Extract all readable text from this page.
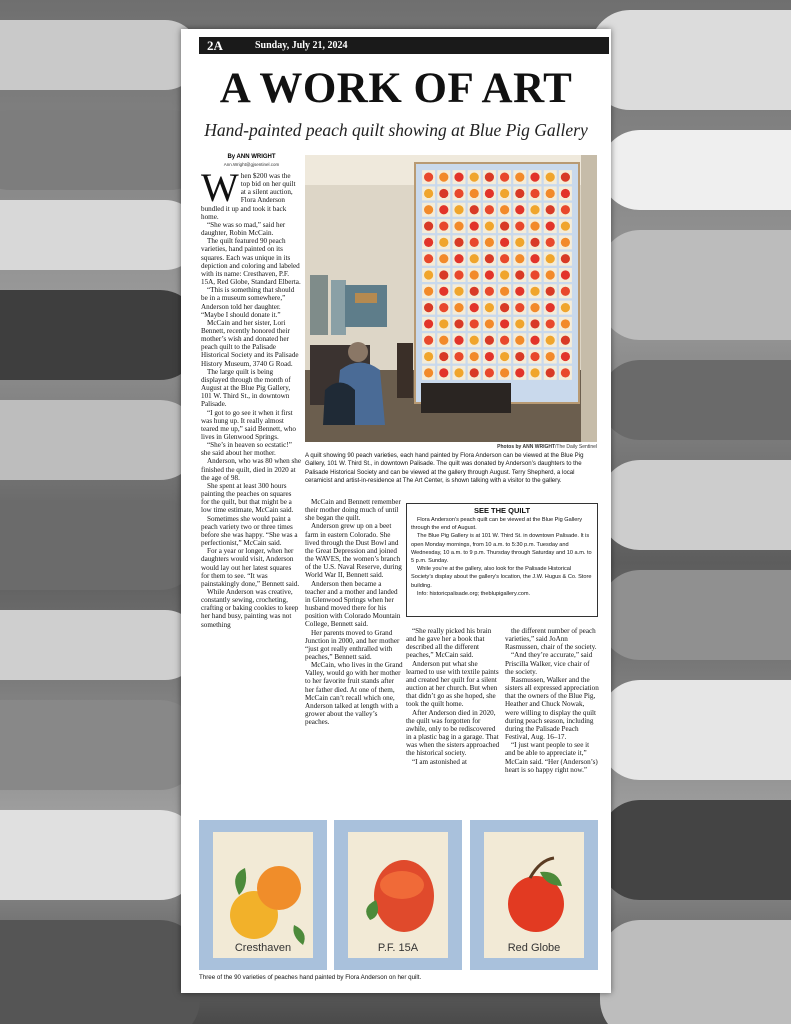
2A	Sunday, July 21, 2024
A WORK OF ART
Hand-painted peach quilt showing at Blue Pig Gallery
By ANN WRIGHT
Ann.Wright@gjsentinel.com

When $200 was the top bid on her quilt at a silent auction, Flora Anderson bundled it up and took it back home.

“She was so mad,” said her daughter, Robin McCain.

The quilt featured 90 peach varieties, hand painted on its squares. Each was unique in its depiction and coloring and labeled with its name: Cresthaven, P.F. 15A, Red Globe, Standard Elberta.

“This is something that should be in a museum somewhere,” Anderson told her daughter. “Maybe I should donate it.”

McCain and her sister, Lori Bennett, recently honored their mother’s wish and donated her peach quilt to the Palisade Historical Society and its Palisade History Museum, 3740 G Road.

The large quilt is being displayed through the month of August at the Blue Pig Gallery, 101 W. Third St., in downtown Palisade.

“I got to go see it when it first was hung up. It really almost teared me up,” said Bennett, who lives in Glenwood Springs.

“She’s in heaven so ecstatic!” she said about her mother.

Anderson, who was 80 when she finished the quilt, died in 2020 at the age of 98.

She spent at least 300 hours painting the peaches on squares for the quilt, but that might be a low time estimate, McCain said.

Sometimes she would paint a peach variety two or three times before she was happy. “She was a perfectionist,” McCain said.

For a year or longer, when her daughters would visit, Anderson would lay out her latest squares for them to see. “It was painstakingly done,” Bennett said.

While Anderson was creative, constantly sewing, crocheting, crafting or baking cookies to keep her hand busy, painting was not something

Photos by ANN WRIGHT/The Daily Sentinel
A quilt showing 90 peach varieties, each hand painted by Flora Anderson can be viewed at the Blue Pig Gallery, 101 W. Third St., in downtown Palisade. The quilt was donated by Anderson’s daughters to the Palisade Historical Society and can be viewed at the gallery through August. Terry Shepherd, a local ceramicist and artist-in-residence at The Art Center, is shown talking with a visitor to the gallery.

McCain and Bennett remember their mother doing much of until she began the quilt.

Anderson grew up on a beet farm in eastern Colorado. She lived through the Dust Bowl and the Great Depression and joined the WAVES, the women’s branch of the U.S. Naval Reserve, during World War II, Bennett said.

Anderson then became a teacher and a mother and landed in Glenwood Springs when her husband moved there for his position with Colorado Mountain College, Bennett said.

Her parents moved to Grand Junction in 2000, and her mother “just got really enthralled with peaches,” Bennett said.

McCain, who lives in the Grand Valley, would go with her mother to her favorite fruit stands after her father died. At one of them, McCain can’t recall which one, Anderson talked at length with a grower about the valley’s peaches.

SEE THE QUILT

Flora Anderson’s peach quilt can be viewed at the Blue Pig Gallery through the end of August.

The Blue Pig Gallery is at 101 W. Third St. in downtown Palisade. It is open Monday mornings, from 10 a.m. to 5:30 p.m. Tuesday and Wednesday, 10 a.m. to 9 p.m. Thursday through Saturday and 10 a.m. to 5 p.m. Sunday.

While you’re at the gallery, also look for the Palisade Historical Society’s display about the gallery’s location, the J.W. Hugus & Co. Store building.

Info: historicpalisade.org; theblupigallery.com.

“She really picked his brain and he gave her a book that described all the different peaches,” McCain said.

Anderson put what she learned to use with textile paints and created her quilt for a silent auction at her church. But when that didn’t go as she hoped, she took the quilt home.

After Anderson died in 2020, the quilt was forgotten for awhile, only to be rediscovered in a plastic bag in a garage. That was when the sisters approached the historical society.

“I am astonished at

the different number of peach varieties,” said JoAnn Rasmussen, chair of the society.

“And they’re accurate,” said Priscilla Walker, vice chair of the society.

Rasmussen, Walker and the sisters all expressed appreciation that the owners of the Blue Pig, Heather and Chuck Nowak, were willing to display the quilt during peach season, including during the Palisade Peach Festival, Aug. 16–17.

“I just want people to see it and be able to appreciate it,” McCain said. “Her (Anderson’s) heart is so happy right now.”

Cresthaven	P.F. 15A	Red Globe
Three of the 90 varieties of peaches hand painted by Flora Anderson on her quilt.
